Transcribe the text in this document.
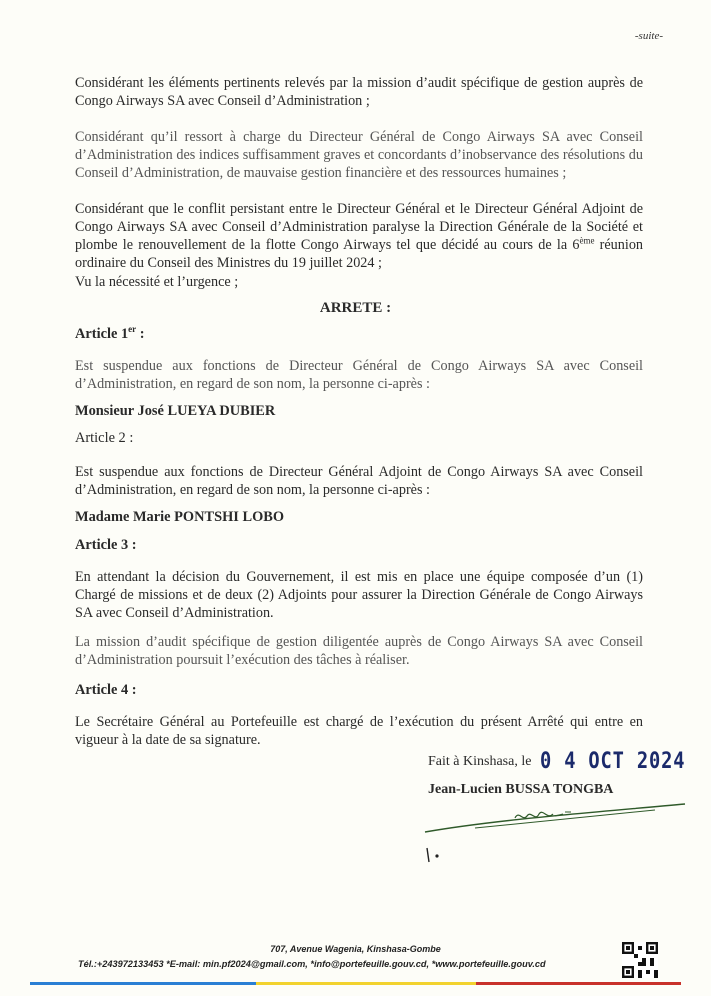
-suite-

Considérant les éléments pertinents relevés par la mission d’audit spécifique de gestion auprès de Congo Airways SA avec Conseil d’Administration ;

Considérant qu’il ressort à charge du Directeur Général de Congo Airways SA avec Conseil d’Administration des indices suffisamment graves et concordants d’inobservance des résolutions du Conseil d’Administration, de mauvaise gestion financière et des ressources humaines ;

Considérant que le conflit persistant entre le Directeur Général et le Directeur Général Adjoint de Congo Airways SA avec Conseil d’Administration paralyse la Direction Générale de la Société et plombe le renouvellement de la flotte Congo Airways tel que décidé au cours de la 6ème réunion ordinaire du Conseil des Ministres du 19 juillet 2024 ;

Vu la nécessité et l’urgence ;

ARRETE :
Article 1er :

Est suspendue aux fonctions de Directeur Général de Congo Airways SA avec Conseil d’Administration, en regard de son nom, la personne ci-après :

Monsieur José LUEYA DUBIER
Article 2 :

Est suspendue aux fonctions de Directeur Général Adjoint de Congo Airways SA avec Conseil d’Administration, en regard de son nom, la personne ci-après :

Madame Marie PONTSHI LOBO
Article 3 :

En attendant la décision du Gouvernement, il est mis en place une équipe composée d’un (1) Chargé de missions et de deux (2) Adjoints pour assurer la Direction Générale de Congo Airways SA avec Conseil d’Administration.

La mission d’audit spécifique de gestion diligentée auprès de Congo Airways SA avec Conseil d’Administration poursuit l’exécution des tâches à réaliser.

Article 4 :

Le Secrétaire Général au Portefeuille est chargé de l’exécution du présent Arrêté qui entre en vigueur à la date de sa signature.

Fait à Kinshasa, le 0 4 OCT 2024
Jean-Lucien BUSSA TONGBA
707, Avenue Wagenia, Kinshasa-Gombe
Tél.:+243972133453 *E-mail: min.pf2024@gmail.com, *info@portefeuille.gouv.cd, *www.portefeuille.gouv.cd
